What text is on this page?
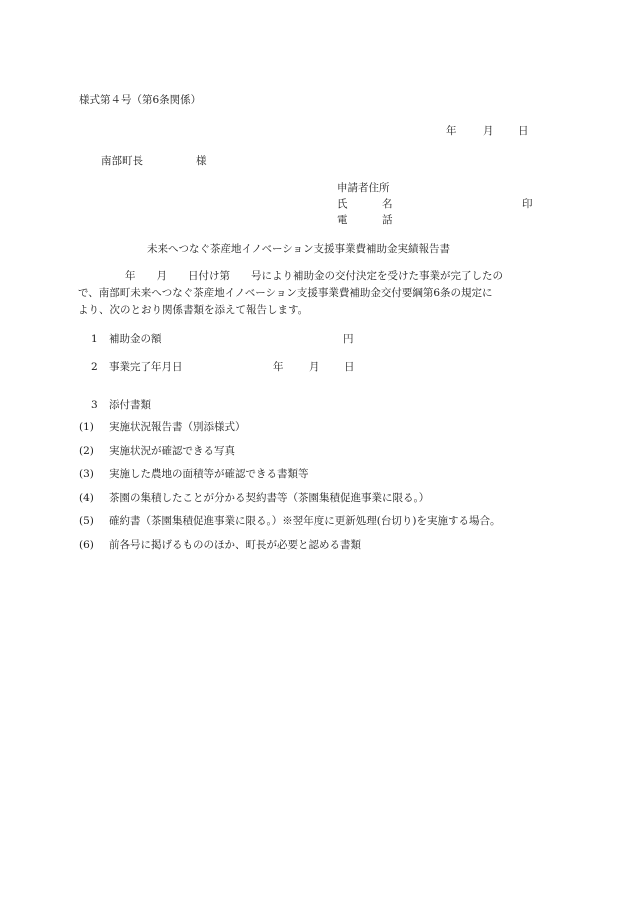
様式第４号（第6条関係）
年	月 日
南部町長	様
申請者住所
氏	名	印
電	話
未来へつなぐ茶産地イノベーション支援事業費補助金実績報告書
年　　月　　日付け第　　号により補助金の交付決定を受けた事業が完了したの
で、南部町未来へつなぐ茶産地イノベーション支援事業費補助金交付要綱第6条の規定に
より、次のとおり関係書類を添えて報告します。
1 補助金の額	円
2 事業完了年月日	年 月 日
3 添付書類
(1) 実施状況報告書（別添様式）
(2) 実施状況が確認できる写真
(3) 実施した農地の面積等が確認できる書類等
(4) 茶園の集積したことが分かる契約書等（茶園集積促進事業に限る。）
(5) 確約書（茶園集積促進事業に限る。）※翌年度に更新処理(台切り)を実施する場合。
(6) 前各号に掲げるもののほか、町長が必要と認める書類
